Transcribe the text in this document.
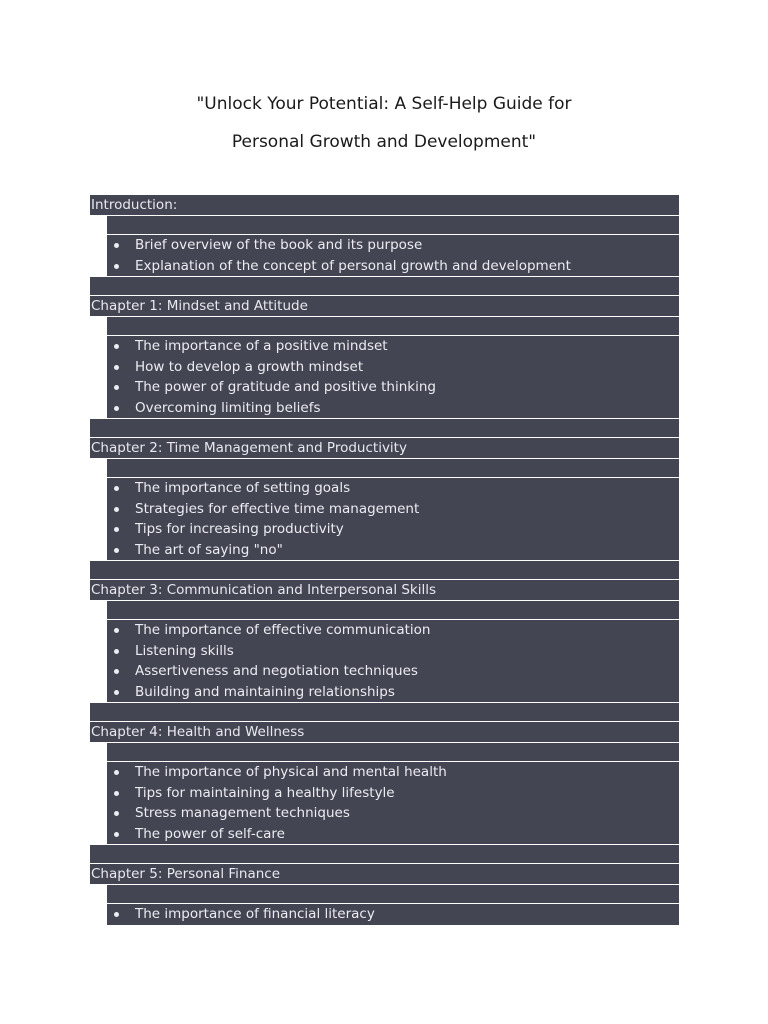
"Unlock Your Potential: A Self-Help Guide for
Personal Growth and Development"
Introduction:
Brief overview of the book and its purpose
Explanation of the concept of personal growth and development
Chapter 1: Mindset and Attitude
The importance of a positive mindset
How to develop a growth mindset
The power of gratitude and positive thinking
Overcoming limiting beliefs
Chapter 2: Time Management and Productivity
The importance of setting goals
Strategies for effective time management
Tips for increasing productivity
The art of saying "no"
Chapter 3: Communication and Interpersonal Skills
The importance of effective communication
Listening skills
Assertiveness and negotiation techniques
Building and maintaining relationships
Chapter 4: Health and Wellness
The importance of physical and mental health
Tips for maintaining a healthy lifestyle
Stress management techniques
The power of self-care
Chapter 5: Personal Finance
The importance of financial literacy
